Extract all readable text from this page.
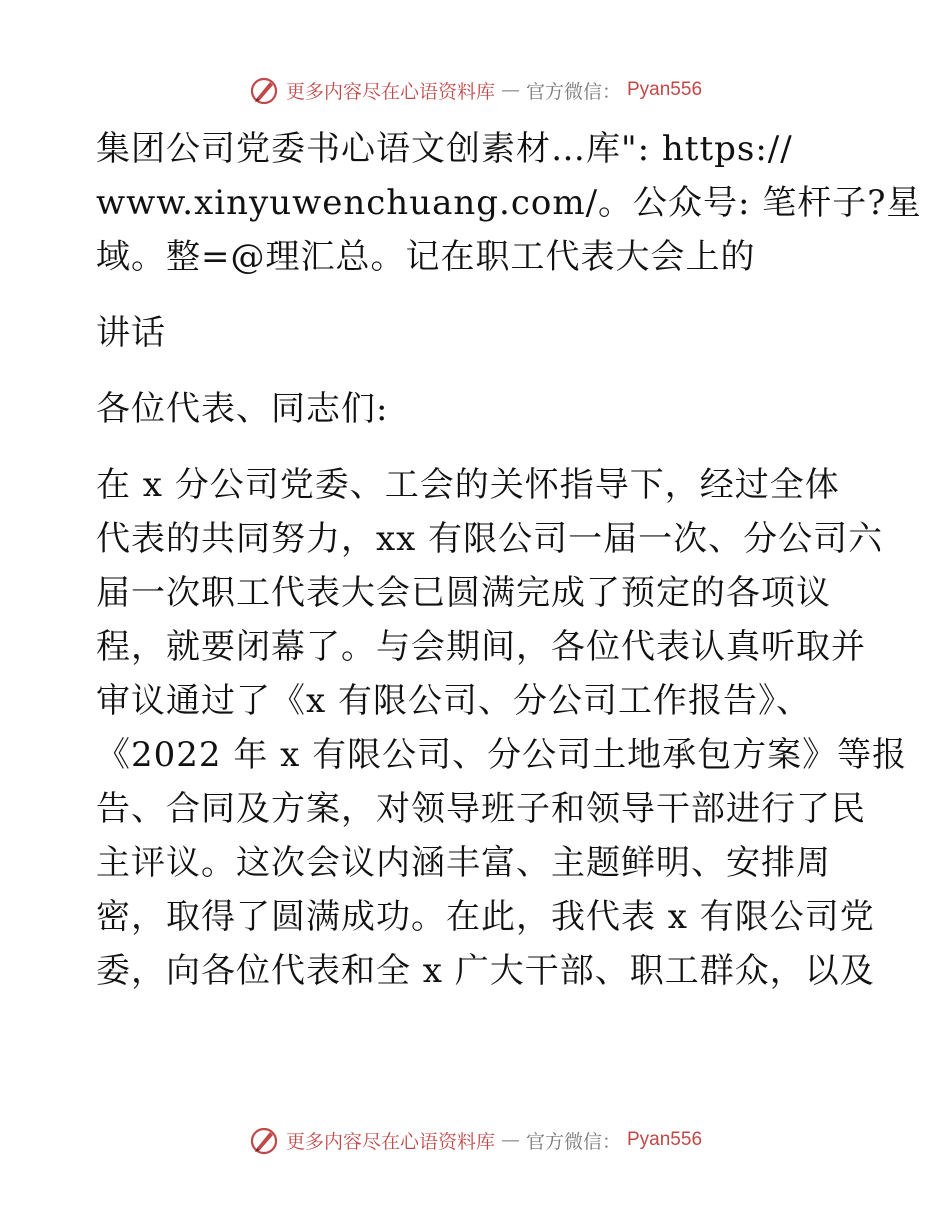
更多内容尽在心语资料库 — 官方微信： Pyan556
集团公司党委书心语文创素材…库": https://
www.xinyuwenchuang.com/。公众号: 笔杆子?星
域。整=@理汇总。记在职工代表大会上的
讲话
各位代表、同志们:
在 x 分公司党委、工会的关怀指导下，经过全体
代表的共同努力，xx 有限公司一届一次、分公司六
届一次职工代表大会已圆满完成了预定的各项议
程，就要闭幕了。与会期间，各位代表认真听取并
审议通过了《x 有限公司、分公司工作报告》、
《2022 年 x 有限公司、分公司土地承包方案》等报
告、合同及方案，对领导班子和领导干部进行了民
主评议。这次会议内涵丰富、主题鲜明、安排周
密，取得了圆满成功。在此，我代表 x 有限公司党
委，向各位代表和全 x 广大干部、职工群众，以及
更多内容尽在心语资料库 — 官方微信： Pyan556
